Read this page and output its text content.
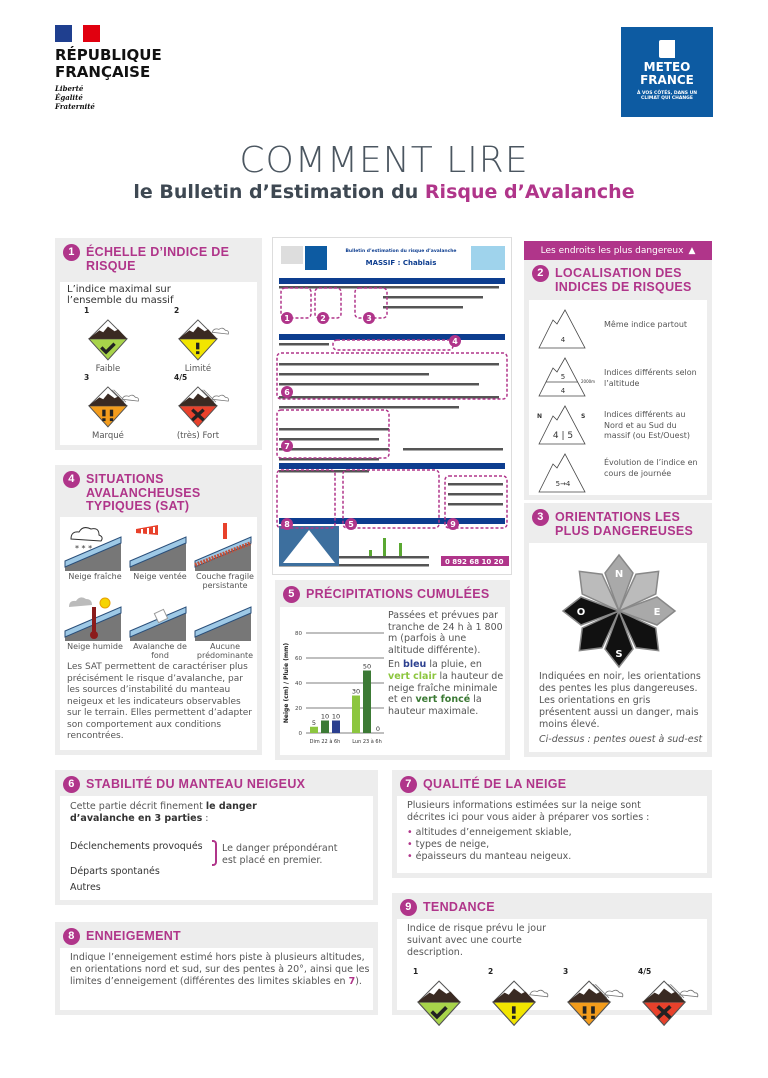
RÉPUBLIQUE
FRANÇAISE
Liberté
Égalité
Fraternité
METEO
FRANCE
À VOS CÔTÉS, DANS UN
CLIMAT QUI CHANGE
COMMENT LIRE
le Bulletin d’Estimation du Risque d’Avalanche
1 ÉCHELLE D’INDICE DE RISQUE
L’indice maximal sur l’ensemble du massif
1
Faible
2
Limité
3
Marqué
4/5
(très) Fort
4 SITUATIONS AVALANCHEUSES TYPIQUES (SAT)
* * *
Neige fraîche	Neige ventée	Couche fragile persistante
Neige humide	Avalanche de fond
Aucune prédominante
Les SAT permettent de caractériser plus précisément le risque d’avalanche, par les sources d’instabilité du manteau neigeux et les indicateurs observables sur le terrain. Elles permettent d’adapter son comportement aux conditions rencontrées.
Bulletin d’estimation du risque d’avalanche
MASSIF : Chablais
0 892 68 10 20
1	2	3
4
6
7
8	5	9
5 PRÉCIPITATIONS CUMULÉES
0
20
40
60
80
Neige (cm) / Pluie (mm)	5
10 10
Dim 22 à 6h
30
50
0
Lun 23 à 6h
Passées et prévues par tranche de 24 h à 1 800 m (parfois à une altitude différente).
En bleu la pluie, en vert clair la hauteur de neige fraîche minimale et en vert foncé la hauteur maximale.
Les endroits les plus dangereux ▲
2 LOCALISATION DES INDICES DE RISQUES
4
Même indice partout
5
4
2000m
Indices différents selon l’altitude
4 | 5
N	S Indices différents au Nord et au Sud du massif (ou Est/Ouest)
5→4
Évolution de l’indice en cours de journée
3 ORIENTATIONS LES PLUS DANGEREUSES
N
E
S
O
Indiquées en noir, les orientations des pentes les plus dangereuses. Les orientations en gris présentent aussi un danger, mais moins élevé.
Ci-dessus : pentes ouest à sud-est
6 STABILITÉ DU MANTEAU NEIGEUX
Cette partie décrit finement le danger d’avalanche en 3 parties :
Déclenchements provoqués
Départs spontanés
Autres
Le danger prépondérant est placé en premier.
8 ENNEIGEMENT
Indique l’enneigement estimé hors piste à plusieurs altitudes, en orientations nord et sud, sur des pentes à 20°, ainsi que les limites d’enneigement (différentes des limites skiables en 7).
7 QUALITÉ DE LA NEIGE
Plusieurs informations estimées sur la neige sont décrites ici pour vous aider à préparer vos sorties :
• altitudes d’enneigement skiable,
• types de neige,
• épaisseurs du manteau neigeux.
9 TENDANCE
Indice de risque prévu le jour suivant avec une courte description.
1	2	3	4/5
